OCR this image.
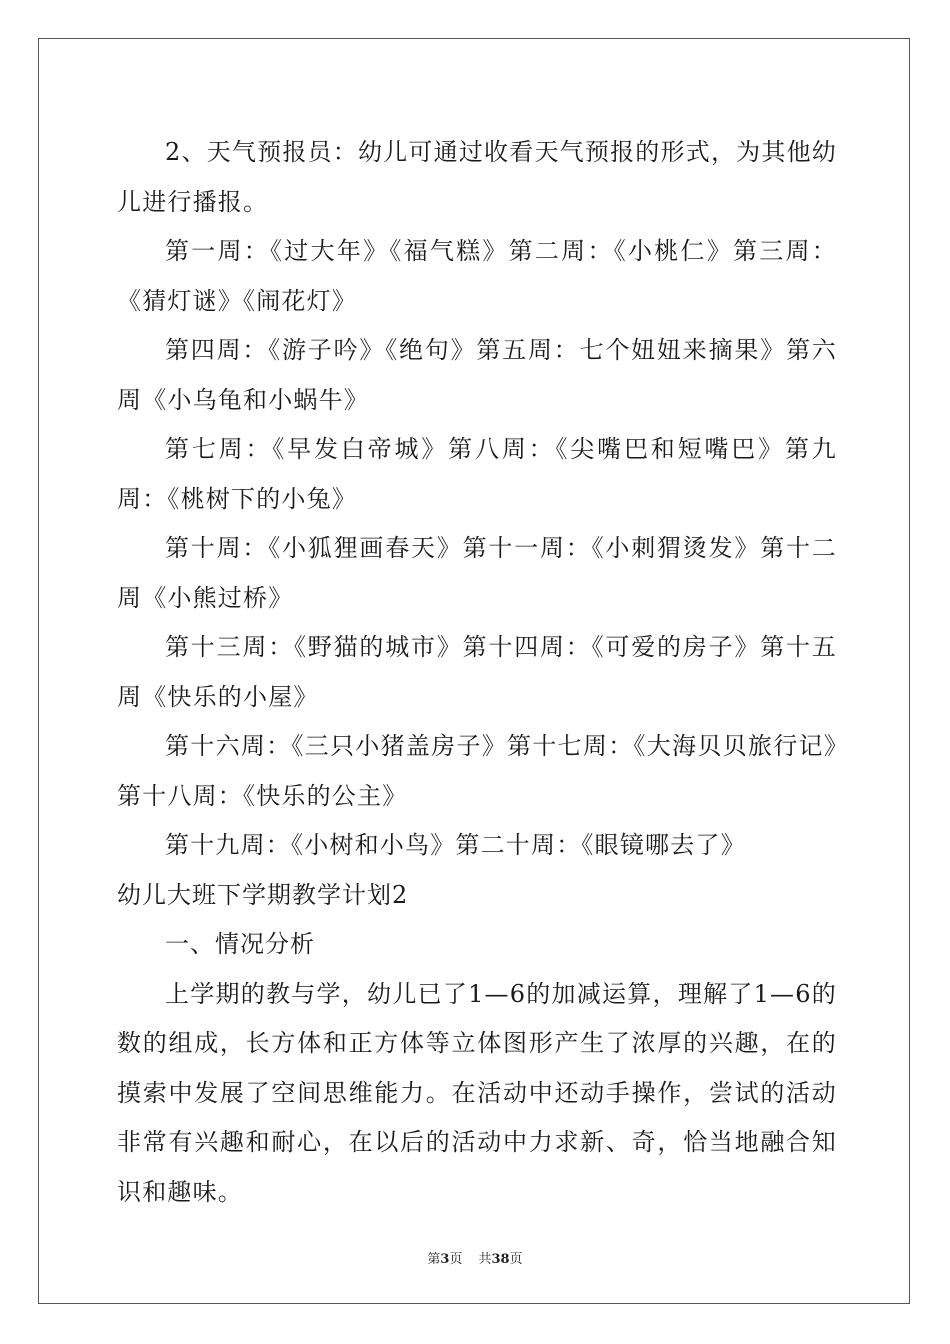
2、天气预报员：幼儿可通过收看天气预报的形式，为其他幼儿进行播报。

第一周：《过大年》《福气糕》第二周：《小桃仁》第三周：《猜灯谜》《闹花灯》

第四周：《游子吟》《绝句》第五周：七个妞妞来摘果》第六周《小乌龟和小蜗牛》

第七周：《早发白帝城》第八周：《尖嘴巴和短嘴巴》第九周：《桃树下的小兔》

第十周：《小狐狸画春天》第十一周：《小刺猬烫发》第十二周《小熊过桥》

第十三周：《野猫的城市》第十四周：《可爱的房子》第十五周《快乐的小屋》

第十六周：《三只小猪盖房子》第十七周：《大海贝贝旅行记》第十八周：《快乐的公主》

第十九周：《小树和小鸟》第二十周：《眼镜哪去了》

幼儿大班下学期教学计划2

一、情况分析

上学期的教与学，幼儿已了1—6的加减运算，理解了1—6的数的组成，长方体和正方体等立体图形产生了浓厚的兴趣，在的摸索中发展了空间思维能力。在活动中还动手操作，尝试的活动非常有兴趣和耐心，在以后的活动中力求新、奇，恰当地融合知识和趣味。

第3页 共38页
